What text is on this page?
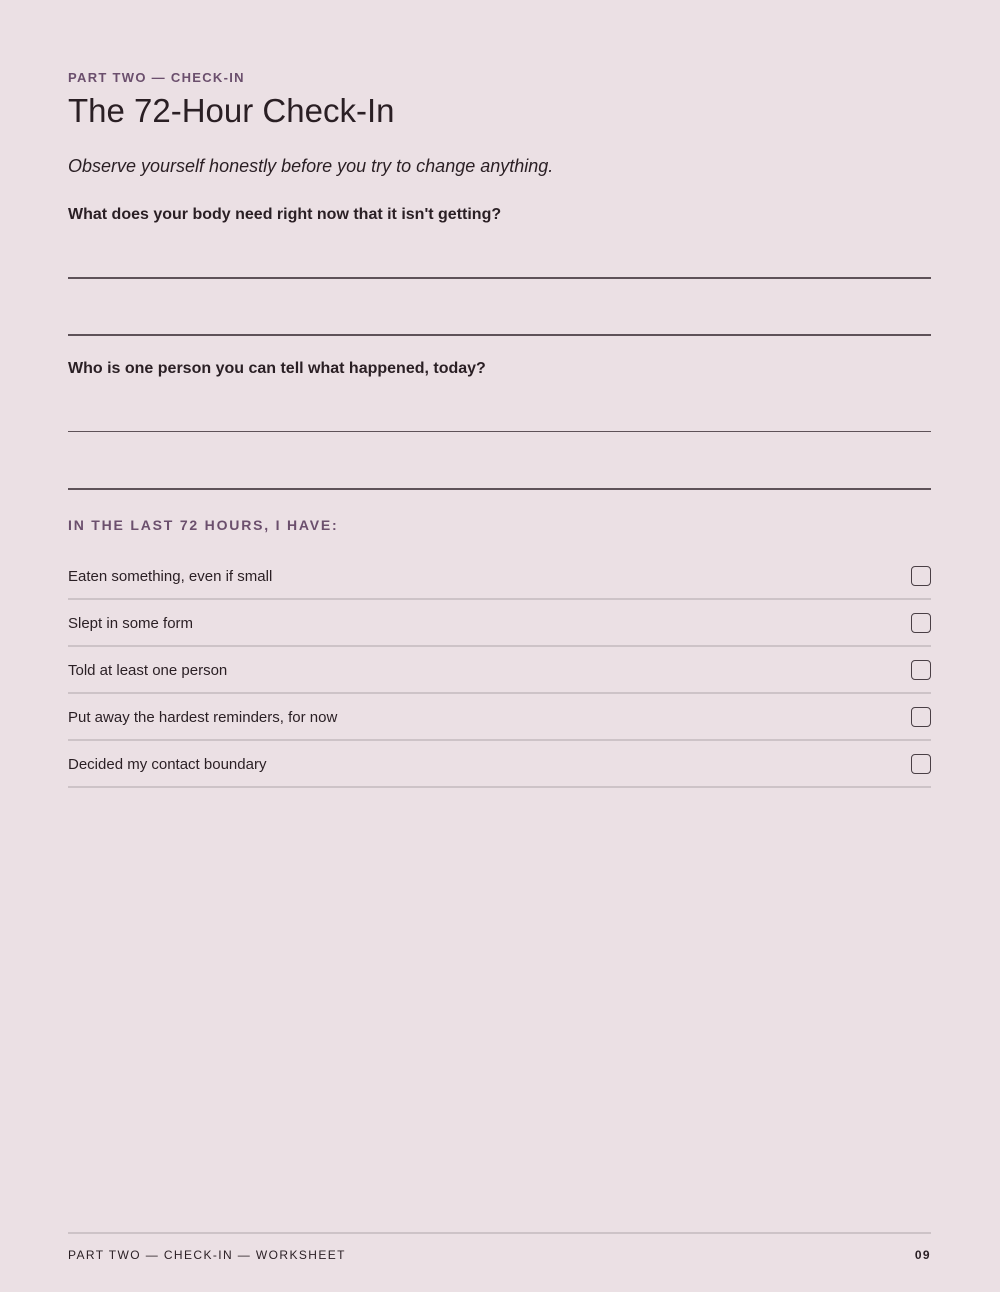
PART TWO — CHECK-IN
The 72-Hour Check-In
Observe yourself honestly before you try to change anything.
What does your body need right now that it isn't getting?
Who is one person you can tell what happened, today?
IN THE LAST 72 HOURS, I HAVE:
Eaten something, even if small
Slept in some form
Told at least one person
Put away the hardest reminders, for now
Decided my contact boundary
PART TWO — CHECK-IN — WORKSHEET	09
